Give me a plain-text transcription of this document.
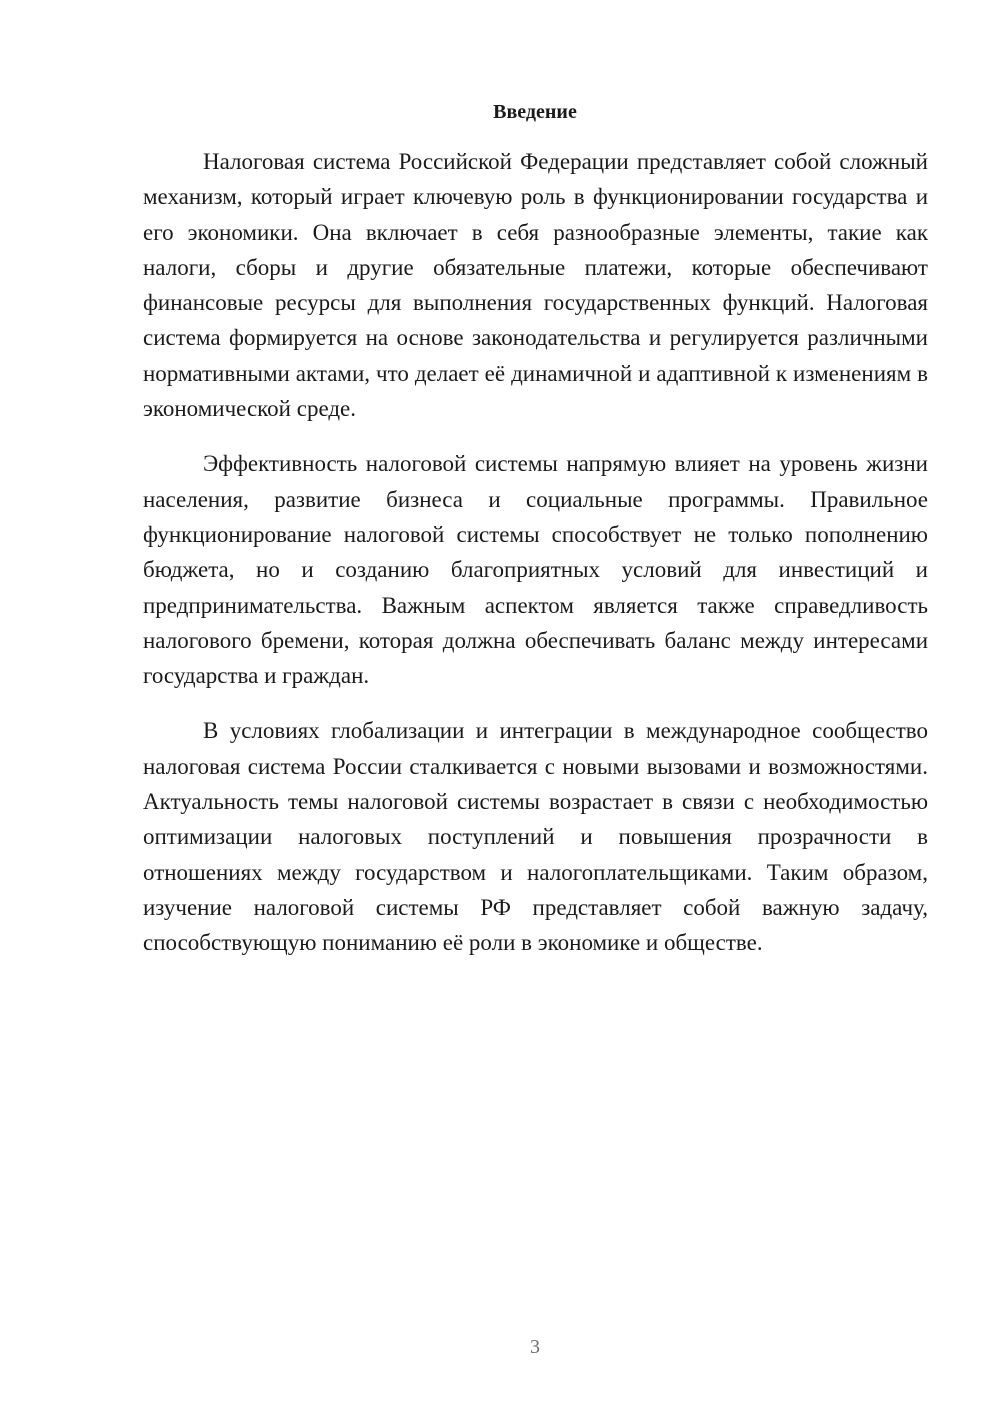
Введение

Налоговая система Российской Федерации представляет собой сложный механизм, который играет ключевую роль в функционировании государства и его экономики. Она включает в себя разнообразные элементы, такие как налоги, сборы и другие обязательные платежи, которые обеспечивают финансовые ресурсы для выполнения государственных функций. Налоговая система формируется на основе законодательства и регулируется различными нормативными актами, что делает её динамичной и адаптивной к изменениям в экономической среде.

Эффективность налоговой системы напрямую влияет на уровень жизни населения, развитие бизнеса и социальные программы. Правильное функционирование налоговой системы способствует не только пополнению бюджета, но и созданию благоприятных условий для инвестиций и предпринимательства. Важным аспектом является также справедливость налогового бремени, которая должна обеспечивать баланс между интересами государства и граждан.

В условиях глобализации и интеграции в международное сообщество налоговая система России сталкивается с новыми вызовами и возможностями. Актуальность темы налоговой системы возрастает в связи с необходимостью оптимизации налоговых поступлений и повышения прозрачности в отношениях между государством и налогоплательщиками. Таким образом, изучение налоговой системы РФ представляет собой важную задачу, способствующую пониманию её роли в экономике и обществе.

3
